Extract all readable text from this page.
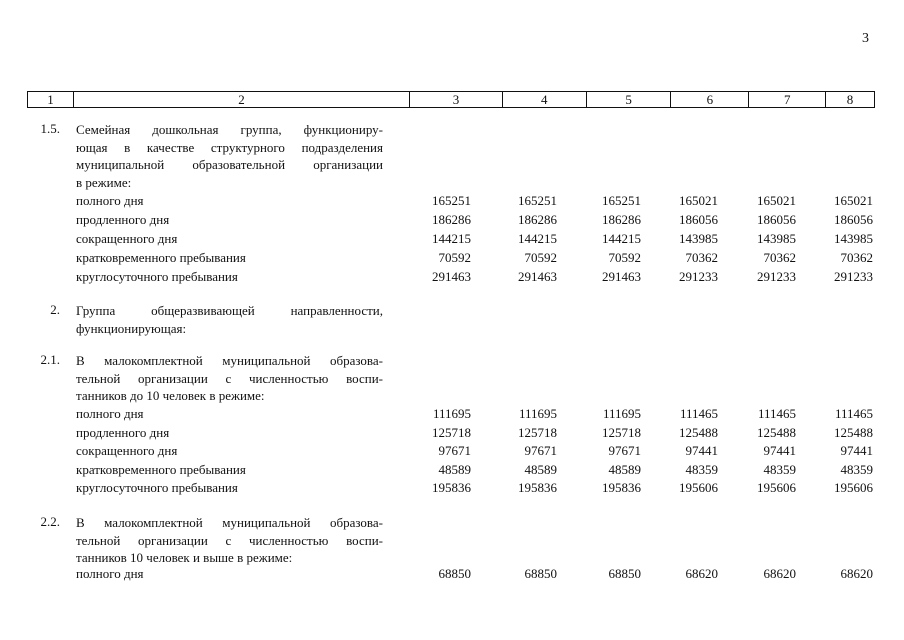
3
1	2	3	4	5	6	7	8
1.5. Семейная дошкольная группа, функциониру-
ющая в качестве структурного подразделения
муниципальной образовательной организации
в режиме:
полного дня	165251	165251	165251	165021	165021	165021
продленного дня	186286	186286	186286	186056	186056	186056
сокращенного дня	144215	144215	144215	143985	143985	143985
кратковременного пребывания	70592	70592	70592	70362	70362	70362
круглосуточного пребывания	291463	291463	291463	291233	291233	291233
2. Группа общеразвивающей направленности,
функционирующая:
2.1. В малокомплектной муниципальной образова-
тельной организации с численностью воспи-
танников до 10 человек в режиме:
полного дня	111695	111695	111695	111465	111465	111465
продленного дня	125718	125718	125718	125488	125488	125488
сокращенного дня	97671	97671	97671	97441	97441	97441
кратковременного пребывания	48589	48589	48589	48359	48359	48359
круглосуточного пребывания	195836	195836	195836	195606	195606	195606
2.2. В малокомплектной муниципальной образова-
тельной организации с численностью воспи-
танников 10 человек и выше в режиме:
полного дня	68850	68850	68850	68620	68620	68620
